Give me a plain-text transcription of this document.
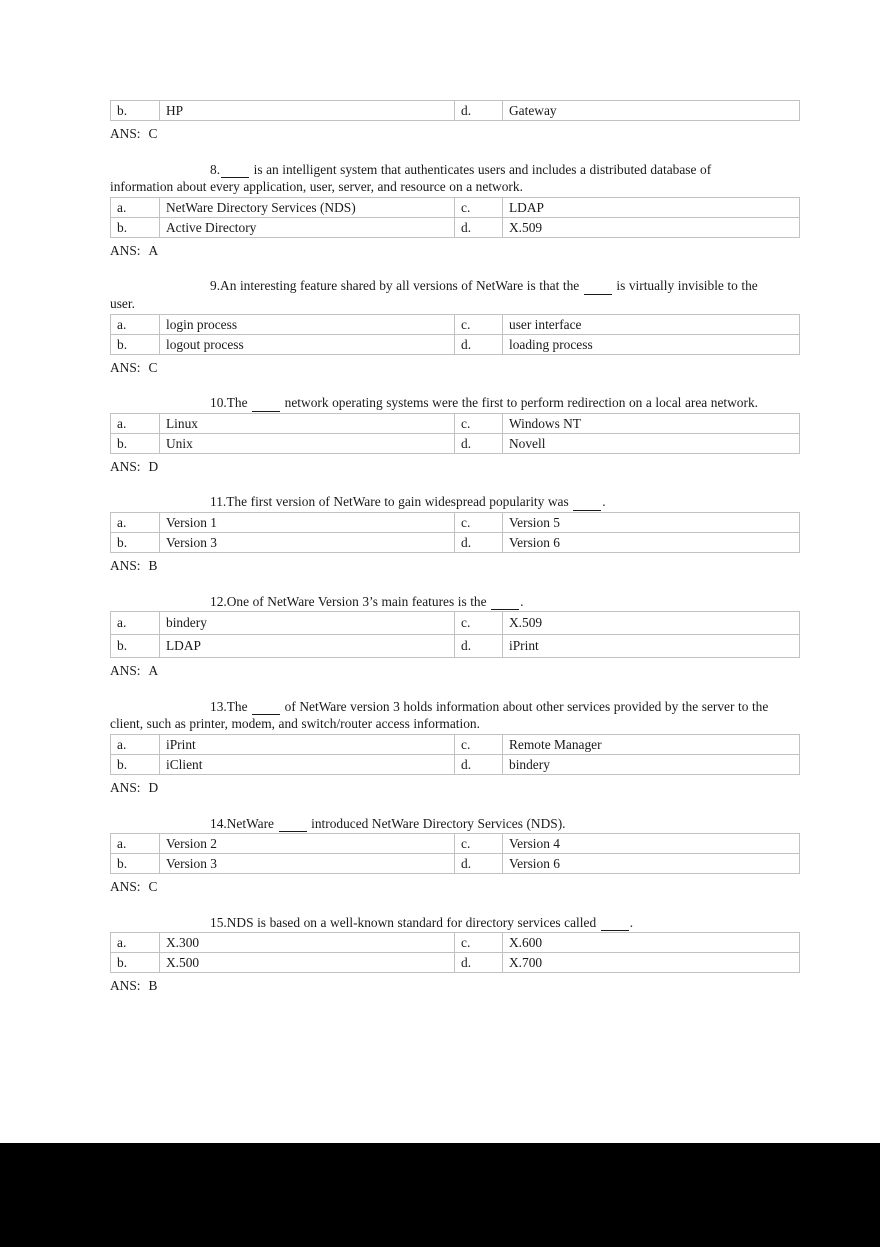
b.	HP	d.	Gateway
ANS: C

8.  is an intelligent system that authenticates users and includes a distributed database of information about every application, user, server, and resource on a network.

a.	NetWare Directory Services (NDS)	c.	LDAP
b.	Active Directory	d.	X.509
ANS: A

9.An interesting feature shared by all versions of NetWare is that the   is virtually invisible to the user.

a.	login process	c.	user interface
b.	logout process	d.	loading process
ANS: C

10.The   network operating systems were the first to perform redirection on a local area network.

a.	Linux	c.	Windows NT
b.	Unix	d.	Novell
ANS: D

11.The first version of NetWare to gain widespread popularity was  .

a.	Version 1	c.	Version 5
b.	Version 3	d.	Version 6
ANS: B

12.One of NetWare Version 3’s main features is the  .

a.	bindery	c.	X.509
b.	LDAP	d.	iPrint
ANS: A

13.The   of NetWare version 3 holds information about other services provided by the server to the client, such as printer, modem, and switch/router access information.

a.	iPrint	c.	Remote Manager
b.	iClient	d.	bindery
ANS: D

14.NetWare   introduced NetWare Directory Services (NDS).

a.	Version 2	c.	Version 4
b.	Version 3	d.	Version 6
ANS: C

15.NDS is based on a well-known standard for directory services called  .

a.	X.300	c.	X.600
b.	X.500	d.	X.700
ANS: B
